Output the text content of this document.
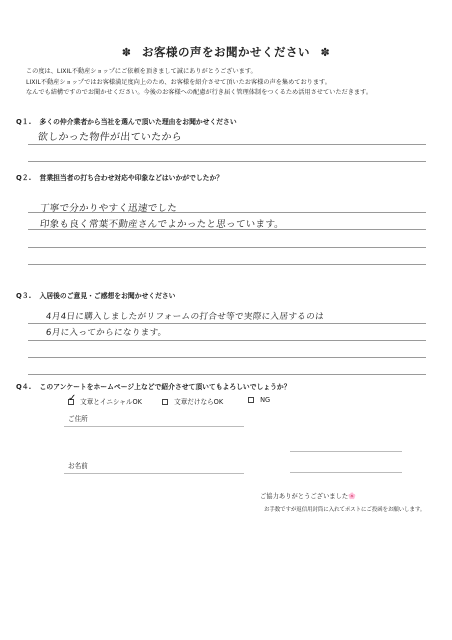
✽ お客様の声をお聞かせください ✽
この度は、LIXIL不動産ショップにご依頼を頂きまして誠にありがとうございます。
LIXIL不動産ショップではお客様満足度向上のため、お客様を紹介させて頂いたお客様の声を集めております。
なんでも結構ですのでお聞かせください。今後のお客様への配慮が行き届く管理体制をつくるため活用させていただきます。
Q１. 多くの仲介業者から当社を選んで頂いた理由をお聞かせください
欲しかった物件が出ていたから
Q２. 営業担当者の打ち合わせ対応や印象などはいかがでしたか？
丁寧で分かりやすく迅速でした
印象も良く常葉不動産さんでよかったと思っています。
Q３. 入居後のご意見・ご感想をお聞かせください
4月4日に購入しましたがリフォームの打合せ等で実際に入居するのは
6月に入ってからになります。
Q４. このアンケートをホームページ上などで紹介させて頂いてもよろしいでしょうか？
✓ 文章とイニシャルOK	文章だけならOK	NG
ご住所
お名前
ご協力ありがとうございました🌸
お手数ですが返信用封筒に入れてポストにご投函をお願いします。
